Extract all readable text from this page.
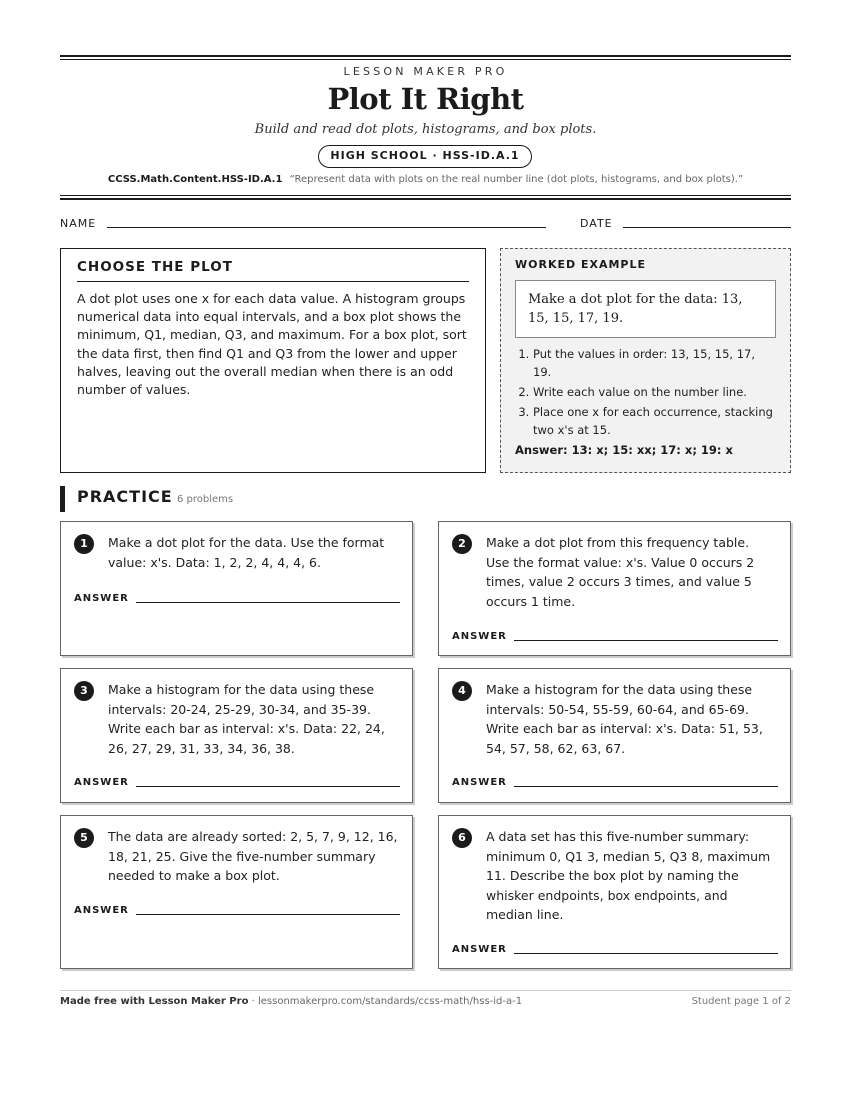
LESSON MAKER PRO
Plot It Right
Build and read dot plots, histograms, and box plots.
HIGH SCHOOL · HSS-ID.A.1
CCSS.Math.Content.HSS-ID.A.1 “Represent data with plots on the real number line (dot plots, histograms, and box plots).”
NAME	DATE
CHOOSE THE PLOT

A dot plot uses one x for each data value. A histogram groups numerical data into equal intervals, and a box plot shows the minimum, Q1, median, Q3, and maximum. For a box plot, sort the data first, then find Q1 and Q3 from the lower and upper halves, leaving out the overall median when there is an odd number of values.

WORKED EXAMPLE
Make a dot plot for the data: 13, 15, 15, 17, 19.
1. Put the values in order: 13, 15, 15, 17, 19.
2. Write each value on the number line.
3. Place one x for each occurrence, stacking two x's at 15.
Answer: 13: x; 15: xx; 17: x; 19: x
PRACTICE 6 problems
1	Make a dot plot for the data. Use the format value: x's. Data: 1, 2, 2, 4, 4, 4, 6.
ANSWER
2	Make a dot plot from this frequency table. Use the format value: x's. Value 0 occurs 2 times, value 2 occurs 3 times, and value 5 occurs 1 time.
ANSWER
3	Make a histogram for the data using these intervals: 20-24, 25-29, 30-34, and 35-39. Write each bar as interval: x's. Data: 22, 24, 26, 27, 29, 31, 33, 34, 36, 38.
ANSWER
4	Make a histogram for the data using these intervals: 50-54, 55-59, 60-64, and 65-69. Write each bar as interval: x's. Data: 51, 53, 54, 57, 58, 62, 63, 67.
ANSWER
5	The data are already sorted: 2, 5, 7, 9, 12, 16, 18, 21, 25. Give the five-number summary needed to make a box plot.
ANSWER
6	A data set has this five-number summary: minimum 0, Q1 3, median 5, Q3 8, maximum 11. Describe the box plot by naming the whisker endpoints, box endpoints, and median line.
ANSWER
Made free with Lesson Maker Pro · lessonmakerpro.com/standards/ccss-math/hss-id-a-1	Student page 1 of 2
